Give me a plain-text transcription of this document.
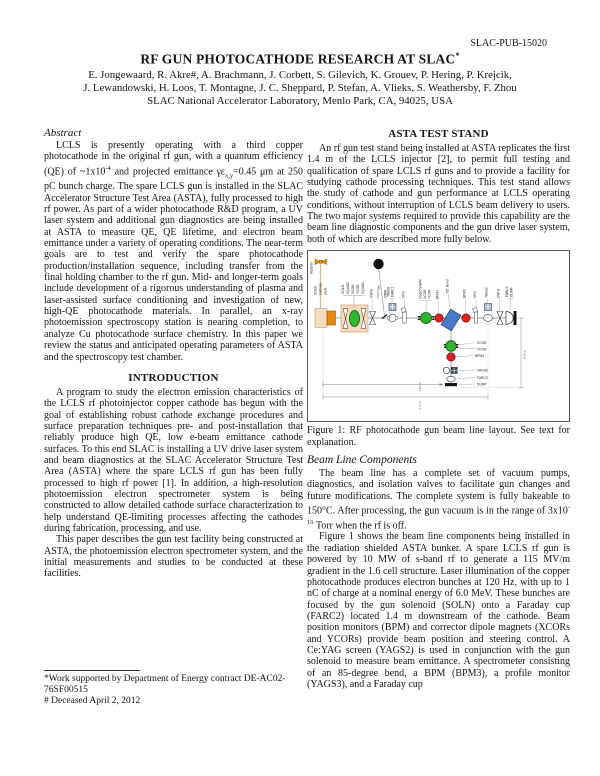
SLAC-PUB-15020
RF GUN PHOTOCATHODE RESEARCH AT SLAC*
E. Jongewaard, R. Akre#, A. Brachmann, J. Corbett, S. Gilevich, K. Grouev, P. Hering, P. Krejcik,
J. Lewandowski, H. Loos, T. Montagne, J. C. Sheppard, P. Stefan, A. Vlieks, S. Weathersby, F. Zhou
SLAC National Accelerator Laboratory, Menlo Park, CA, 94025, USA
Abstract

LCLS is presently operating with a third copper photocathode in the original rf gun, with a quantum efficiency (QE) of $\sim 1x10^{-4}$ and projected emittance $\gamma\varepsilon_{x,y}=0.45$ μm at 250 pC bunch charge. The spare LCLS gun is installed in the SLAC Accelerator Structure Test Area (ASTA), fully processed to high rf power. As part of a wider photocathode R&D program, a UV laser system and additional gun diagnostics are being installed at ASTA to measure QE, QE lifetime, and electron beam emittance under a variety of operating conditions. The near-term goals are to test and verify the spare photocathode production/installation sequence, including transfer from the final holding chamber to the rf gun. Mid- and longer-term goals include development of a rigorous understanding of plasma and laser-assisted surface conditioning and investigation of new, high-QE photocathode materials. In parallel, an x-ray photoemission spectroscopy station is nearing completion, to analyze Cu photocathode surface chemistry. In this paper we review the status and anticipated operating parameters of ASTA and the spectroscopy test chamber.

INTRODUCTION

A program to study the electron emission characteristics of the LCLS rf photoinjector copper cathode has begun with the goal of establishing robust cathode exchange procedures and surface preparation techniques pre- and post-installation that reliably produce high QE, low e-beam emittance cathode surfaces. To this end SLAC is installing a UV drive laser system and beam diagnostics at the SLAC Accelerator Structure Test Area (ASTA) where the spare LCLS rf gun has been fully processed to high rf power [1]. In addition, a high-resolution photoemission electron spectrometer system is being constructed to allow detailed cathode surface characterization to help understand QE-limiting processes affecting the cathodes during fabrication, processing, and use.

This paper describes the gun test facility being constructed at ASTA, the photoemission electron spectrometer system, and the initial measurements and studies to be conducted at these facilities.

ASTA TEST STAND

An rf gun test stand being installed at ASTA replicates the first 1.4 m of the LCLS injector [2], to permit full testing and qualification of spare LCLS rf guns and to provide a facility for studying cathode processing techniques. This test stand allows the study of cathode and gun performance at LCLS operating conditions, without interruption of LCLS beam delivery to users. The two major systems required to provide this capability are the beam line diagnostic components and the gun drive laser system, both of which are described more fully below.

Klystron
SOLN Cathode GUN	SOLN SQUAD XCOR YCOR SQUAD VVPG Laser light MIRR YAGS1 FARC1 VPO	VGCC/VGPR XCOR YCOR BPM1
85° Bend
BPM2 VPO YAGS2 VVPG FARC2 DUMP
XCOR
YCOR
BPM3
YAGS3
FARC3
DUMP
1.10 m
1.4 m
0.65 m
Figure 1: RF photocathode gun beam line layout. See text for explanation.
Beam Line Components

The beam line has a complete set of vacuum pumps, diagnostics, and isolation valves to facilitate gun changes and future modifications. The complete system is fully bakeable to 150°C. After processing, the gun vacuum is in the range of $3x10^{-10}$ Torr when the rf is off.

Figure 1 shows the beam line components being installed in the radiation shielded ASTA bunker. A spare LCLS rf gun is powered by 10 MW of s-band rf to generate a 115 MV/m gradient in the 1.6 cell structure. Laser illumination of the copper photocathode produces electron bunches at 120 Hz, with up to 1 nC of charge at a nominal energy of 6.0 MeV. These bunches are focused by the gun solenoid (SOLN) onto a Faraday cup (FARC2) located 1.4 m downstream of the cathode. Beam position monitors (BPM) and corrector dipole magnets (XCORs and YCORs) provide beam position and steering control. A Ce:YAG screen (YAGS2) is used in conjunction with the gun solenoid to measure beam emittance. A spectrometer consisting of an 85-degree bend, a BPM (BPM3), a profile monitor (YAGS3), and a Faraday cup

*Work supported by Department of Energy contract DE-AC02-76SF00515
# Deceased April 2, 2012
